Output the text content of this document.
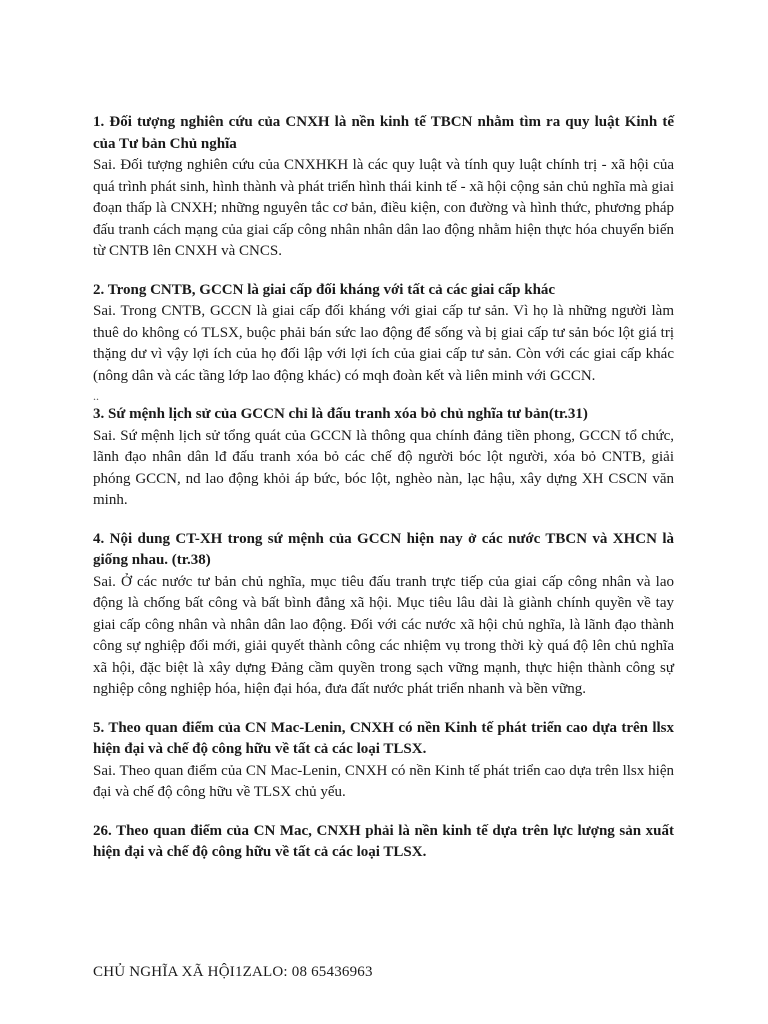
1. Đối tượng nghiên cứu của CNXH là nền kinh tế TBCN nhằm tìm ra quy luật Kinh tế của Tư bản Chủ nghĩa

Sai. Đối tượng nghiên cứu của CNXHKH là các quy luật và tính quy luật chính trị - xã hội của quá trình phát sinh, hình thành và phát triển hình thái kinh tế - xã hội cộng sản chủ nghĩa mà giai đoạn thấp là CNXH; những nguyên tắc cơ bản, điều kiện, con đường và hình thức, phương pháp đấu tranh cách mạng của giai cấp công nhân nhân dân lao động nhằm hiện thực hóa chuyển biến từ CNTB lên CNXH và CNCS.

2. Trong CNTB, GCCN là giai cấp đối kháng với tất cả các giai cấp khác

Sai. Trong CNTB, GCCN là giai cấp đối kháng với giai cấp tư sản. Vì họ là những người làm thuê do không có TLSX, buộc phải bán sức lao động để sống và bị giai cấp tư sản bóc lột giá trị thặng dư vì vậy lợi ích của họ đối lập với lợi ích của giai cấp tư sản. Còn với các giai cấp khác (nông dân và các tầng lớp lao động khác) có mqh đoàn kết và liên minh với GCCN.

..

3. Sứ mệnh lịch sử của GCCN chỉ là đấu tranh xóa bỏ chủ nghĩa tư bản(tr.31)

Sai. Sứ mệnh lịch sử tổng quát của GCCN là thông qua chính đảng tiền phong, GCCN tổ chức, lãnh đạo nhân dân lđ đấu tranh xóa bỏ các chế độ người bóc lột người, xóa bỏ CNTB, giải phóng GCCN, nd lao động khỏi áp bức, bóc lột, nghèo nàn, lạc hậu, xây dựng XH CSCN văn minh.

4. Nội dung CT-XH trong sứ mệnh của GCCN hiện nay ở các nước TBCN và XHCN là giống nhau. (tr.38)

Sai. Ở các nước tư bản chủ nghĩa, mục tiêu đấu tranh trực tiếp của giai cấp công nhân và lao động là chống bất công và bất bình đẳng xã hội. Mục tiêu lâu dài là giành chính quyền về tay giai cấp công nhân và nhân dân lao động. Đối với các nước xã hội chủ nghĩa, là lãnh đạo thành công sự nghiệp đổi mới, giải quyết thành công các nhiệm vụ trong thời kỳ quá độ lên chủ nghĩa xã hội, đặc biệt là xây dựng Đảng cầm quyền trong sạch vững mạnh, thực hiện thành công sự nghiệp công nghiệp hóa, hiện đại hóa, đưa đất nước phát triển nhanh và bền vững.

5. Theo quan điểm của CN Mac-Lenin, CNXH có nền Kinh tế phát triển cao dựa trên llsx hiện đại và chế độ công hữu về tất cả các loại TLSX.

Sai. Theo quan điểm của CN Mac-Lenin, CNXH có nền Kinh tế phát triển cao dựa trên llsx hiện đại và chế độ công hữu về TLSX chủ yếu.

26. Theo quan điểm của CN Mac, CNXH phải là nền kinh tế dựa trên lực lượng sản xuất hiện đại và chế độ công hữu về tất cả các loại TLSX.

CHỦ NGHĨA XÃ HỘI1ZALO: 08 65436963
